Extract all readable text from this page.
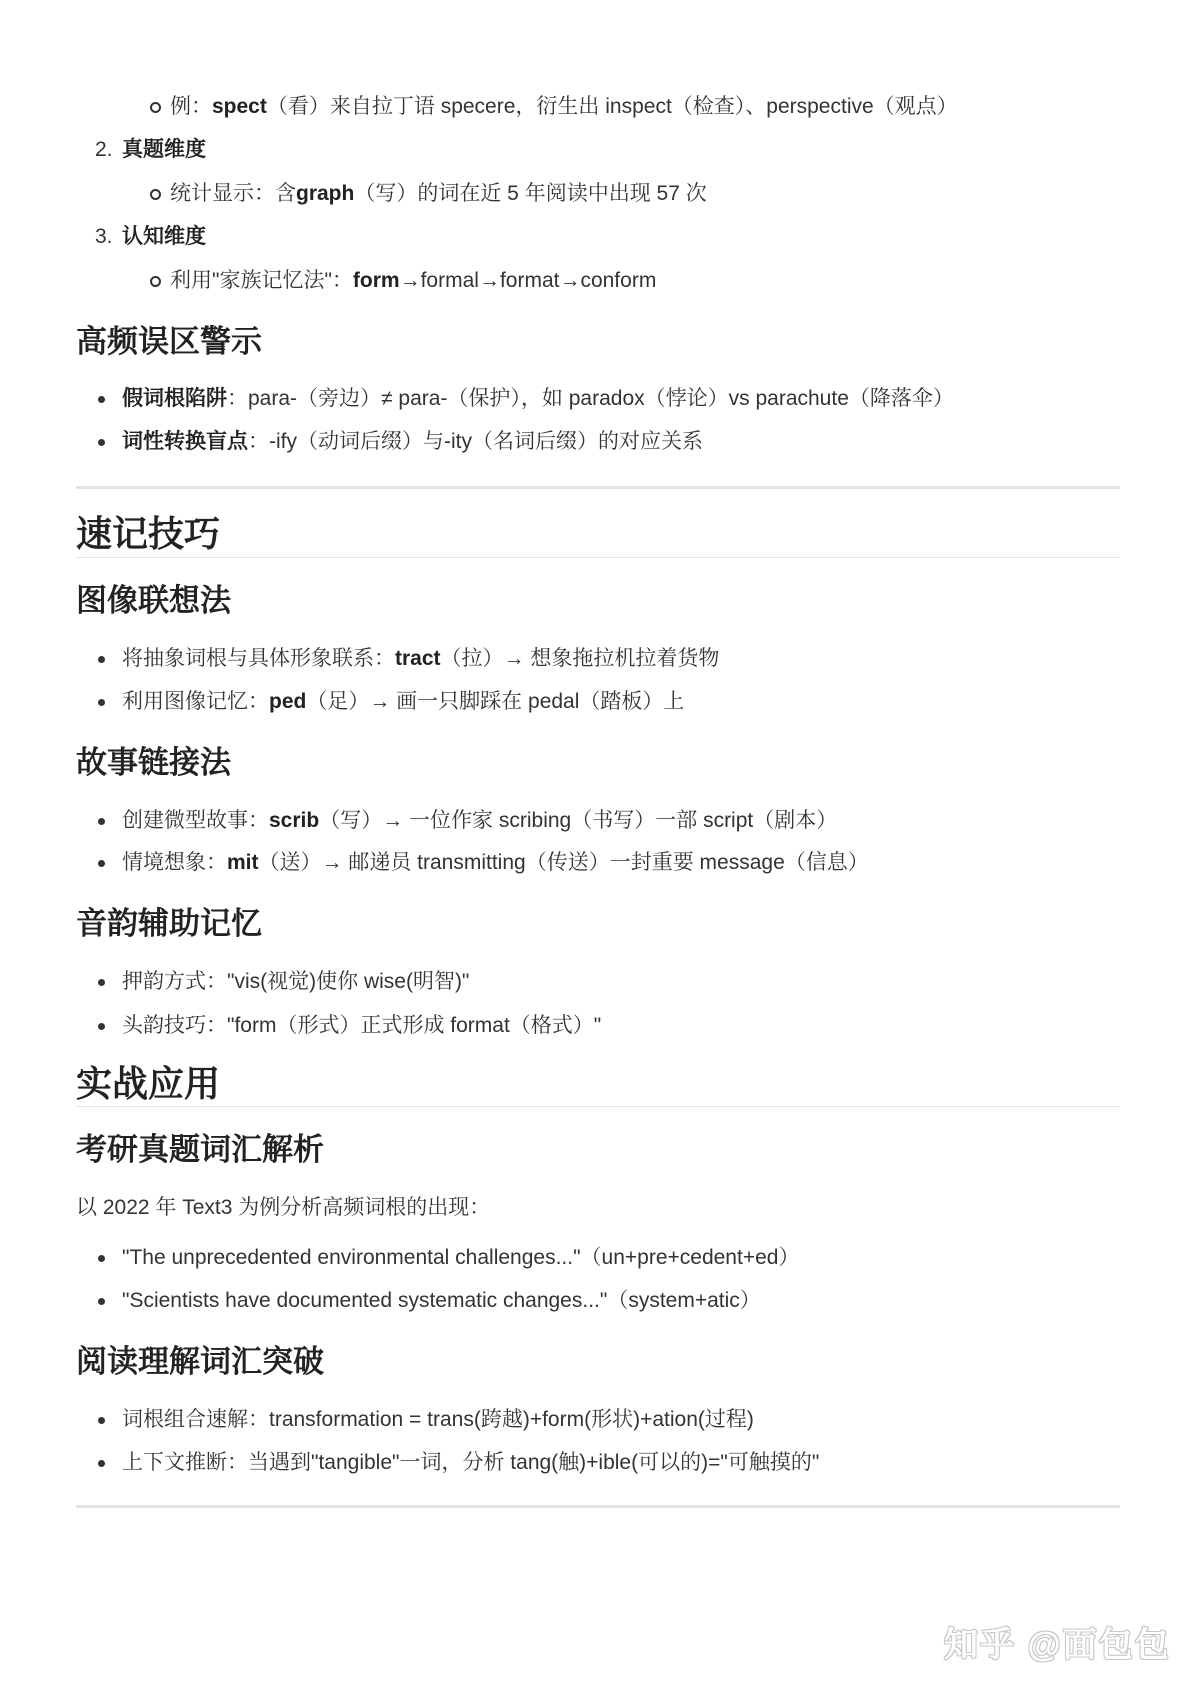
例：spect（看）来自拉丁语 specere，衍生出 inspect（检查）、perspective（观点）
2. 真题维度
统计显示：含graph（写）的词在近 5 年阅读中出现 57 次
3. 认知维度
利用"家族记忆法"：form→formal→format→conform
高频误区警示
假词根陷阱：para-（旁边）≠ para-（保护），如 paradox（悖论）vs parachute（降落伞）
词性转换盲点：-ify（动词后缀）与-ity（名词后缀）的对应关系
速记技巧
图像联想法
将抽象词根与具体形象联系：tract（拉）→ 想象拖拉机拉着货物
利用图像记忆：ped（足）→ 画一只脚踩在 pedal（踏板）上
故事链接法
创建微型故事：scrib（写）→ 一位作家 scribing（书写）一部 script（剧本）
情境想象：mit（送）→ 邮递员 transmitting（传送）一封重要 message（信息）
音韵辅助记忆
押韵方式："vis(视觉)使你 wise(明智)"
头韵技巧："form（形式）正式形成 format（格式）"
实战应用
考研真题词汇解析
以 2022 年 Text3 为例分析高频词根的出现：
"The unprecedented environmental challenges..."（un+pre+cedent+ed）
"Scientists have documented systematic changes..."（system+atic）
阅读理解词汇突破
词根组合速解：transformation = trans(跨越)+form(形状)+ation(过程)
上下文推断：当遇到"tangible"一词，分析 tang(触)+ible(可以的)="可触摸的"
知乎 @面包包
